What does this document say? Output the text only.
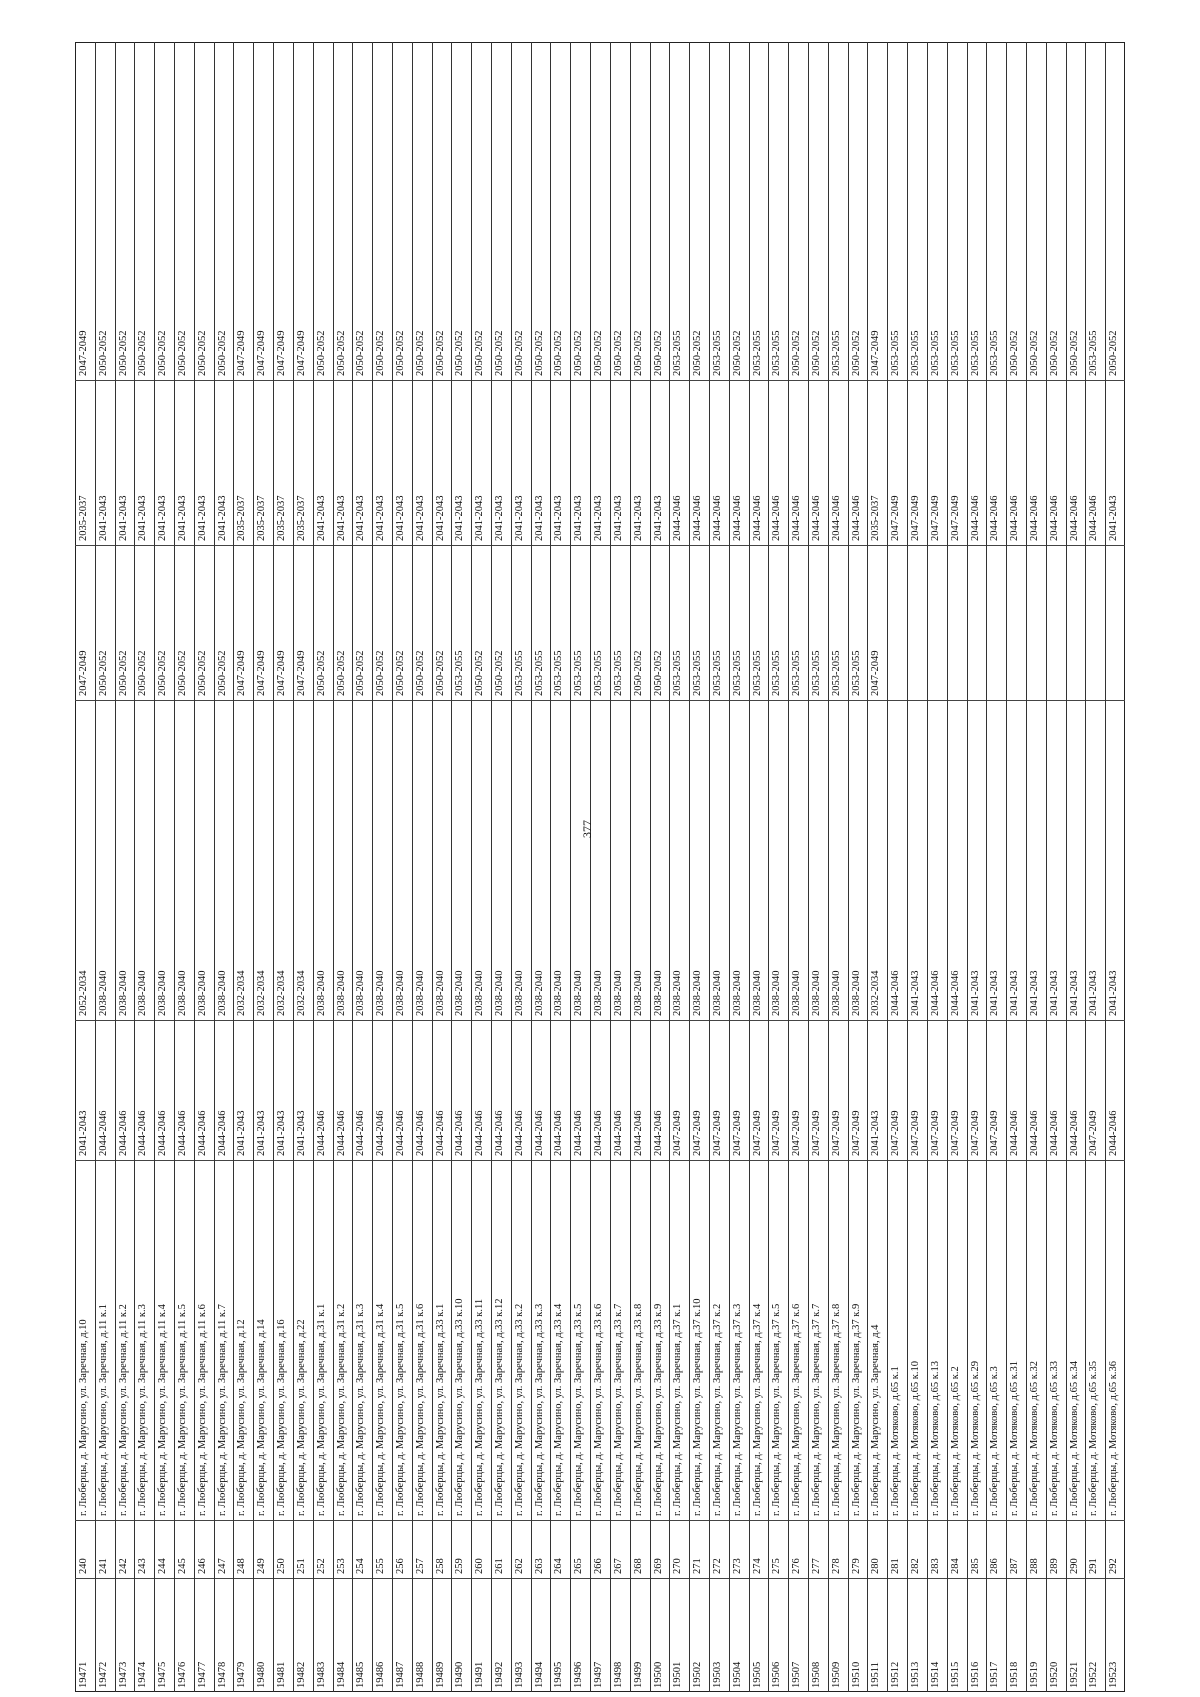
19471
240
г. Люберцы, д. Марусино, ул. Заречная, д.10
2041-2043
2052-2034
2047-2049
2035-2037
2047-2049
19472
241
г. Люберцы, д. Марусино, ул. Заречная, д.11 к.1
2044-2046
2038-2040
2050-2052
2041-2043
2050-2052
19473
242
г. Люберцы, д. Марусино, ул. Заречная, д.11 к.2
2044-2046
2038-2040
2050-2052
2041-2043
2050-2052
19474
243
г. Люберцы, д. Марусино, ул. Заречная, д.11 к.3
2044-2046
2038-2040
2050-2052
2041-2043
2050-2052
19475
244
г. Люберцы, д. Марусино, ул. Заречная, д.11 к.4
2044-2046
2038-2040
2050-2052
2041-2043
2050-2052
19476
245
г. Люберцы, д. Марусино, ул. Заречная, д.11 к.5
2044-2046
2038-2040
2050-2052
2041-2043
2050-2052
19477
246
г. Люберцы, д. Марусино, ул. Заречная, д.11 к.6
2044-2046
2038-2040
2050-2052
2041-2043
2050-2052
19478
247
г. Люберцы, д. Марусино, ул. Заречная, д.11 к.7
2044-2046
2038-2040
2050-2052
2041-2043
2050-2052
19479
248
г. Люберцы, д. Марусино, ул. Заречная, д.12
2041-2043
2032-2034
2047-2049
2035-2037
2047-2049
19480
249
г. Люберцы, д. Марусино, ул. Заречная, д.14
2041-2043
2032-2034
2047-2049
2035-2037
2047-2049
19481
250
г. Люберцы, д. Марусино, ул. Заречная, д.16
2041-2043
2032-2034
2047-2049
2035-2037
2047-2049
19482
251
г. Люберцы, д. Марусино, ул. Заречная, д.22
2041-2043
2032-2034
2047-2049
2035-2037
2047-2049
19483
252
г. Люберцы, д. Марусино, ул. Заречная, д.31 к.1
2044-2046
2038-2040
2050-2052
2041-2043
2050-2052
19484
253
г. Люберцы, д. Марусино, ул. Заречная, д.31 к.2
2044-2046
2038-2040
2050-2052
2041-2043
2050-2052
19485
254
г. Люберцы, д. Марусино, ул. Заречная, д.31 к.3
2044-2046
2038-2040
2050-2052
2041-2043
2050-2052
19486
255
г. Люберцы, д. Марусино, ул. Заречная, д.31 к.4
2044-2046
2038-2040
2050-2052
2041-2043
2050-2052
19487
256
г. Люберцы, д. Марусино, ул. Заречная, д.31 к.5
2044-2046
2038-2040
2050-2052
2041-2043
2050-2052
19488
257
г. Люберцы, д. Марусино, ул. Заречная, д.31 к.6
2044-2046
2038-2040
2050-2052
2041-2043
2050-2052
19489
258
г. Люберцы, д. Марусино, ул. Заречная, д.33 к.1
2044-2046
2038-2040
2050-2052
2041-2043
2050-2052
19490
259
г. Люберцы, д. Марусино, ул. Заречная, д.33 к.10
2044-2046
2038-2040
2053-2055
2041-2043
2050-2052
19491
260
г. Люберцы, д. Марусино, ул. Заречная, д.33 к.11
2044-2046
2038-2040
2050-2052
2041-2043
2050-2052
19492
261
г. Люберцы, д. Марусино, ул. Заречная, д.33 к.12
2044-2046
2038-2040
2050-2052
2041-2043
2050-2052
19493
262
г. Люберцы, д. Марусино, ул. Заречная, д.33 к.2
2044-2046
2038-2040
2053-2055
2041-2043
2050-2052
19494
263
г. Люберцы, д. Марусино, ул. Заречная, д.33 к.3
2044-2046
2038-2040
2053-2055
2041-2043
2050-2052
19495
264
г. Люберцы, д. Марусино, ул. Заречная, д.33 к.4
2044-2046
2038-2040
2053-2055
2041-2043
2050-2052
19496
265
г. Люберцы, д. Марусино, ул. Заречная, д.33 к.5
2044-2046
2038-2040
2053-2055
2041-2043
2050-2052
19497
266
г. Люберцы, д. Марусино, ул. Заречная, д.33 к.6
2044-2046
2038-2040
2053-2055
2041-2043
2050-2052
19498
267
г. Люберцы, д. Марусино, ул. Заречная, д.33 к.7
2044-2046
2038-2040
2053-2055
2041-2043
2050-2052
19499
268
г. Люберцы, д. Марусино, ул. Заречная, д.33 к.8
2044-2046
2038-2040
2050-2052
2041-2043
2050-2052
19500
269
г. Люберцы, д. Марусино, ул. Заречная, д.33 к.9
2044-2046
2038-2040
2050-2052
2041-2043
2050-2052
19501
270
г. Люберцы, д. Марусино, ул. Заречная, д.37 к.1
2047-2049
2038-2040
2053-2055
2044-2046
2053-2055
19502
271
г. Люберцы, д. Марусино, ул. Заречная, д.37 к.10
2047-2049
2038-2040
2053-2055
2044-2046
2050-2052
19503
272
г. Люберцы, д. Марусино, ул. Заречная, д.37 к.2
2047-2049
2038-2040
2053-2055
2044-2046
2053-2055
19504
273
г. Люберцы, д. Марусино, ул. Заречная, д.37 к.3
2047-2049
2038-2040
2053-2055
2044-2046
2050-2052
19505
274
г. Люберцы, д. Марусино, ул. Заречная, д.37 к.4
2047-2049
2038-2040
2053-2055
2044-2046
2053-2055
19506
275
г. Люберцы, д. Марусино, ул. Заречная, д.37 к.5
2047-2049
2038-2040
2053-2055
2044-2046
2053-2055
19507
276
г. Люберцы, д. Марусино, ул. Заречная, д.37 к.6
2047-2049
2038-2040
2053-2055
2044-2046
2050-2052
19508
277
г. Люберцы, д. Марусино, ул. Заречная, д.37 к.7
2047-2049
2038-2040
2053-2055
2044-2046
2050-2052
19509
278
г. Люберцы, д. Марусино, ул. Заречная, д.37 к.8
2047-2049
2038-2040
2053-2055
2044-2046
2053-2055
19510
279
г. Люберцы, д. Марусино, ул. Заречная, д.37 к.9
2047-2049
2038-2040
2053-2055
2044-2046
2050-2052
19511
280
г. Люберцы, д. Марусино, ул. Заречная, д.4
2041-2043
2032-2034
2047-2049
2035-2037
2047-2049
19512
281
г. Люберцы, д. Мотяково, д.65 к.1
2047-2049
2044-2046
2047-2049
2053-2055
19513
282
г. Люберцы, д. Мотяково, д.65 к.10
2047-2049
2041-2043
2047-2049
2053-2055
19514
283
г. Люберцы, д. Мотяково, д.65 к.13
2047-2049
2044-2046
2047-2049
2053-2055
19515
284
г. Люберцы, д. Мотяково, д.65 к.2
2047-2049
2044-2046
2047-2049
2053-2055
19516
285
г. Люберцы, д. Мотяково, д.65 к.29
2047-2049
2041-2043
2044-2046
2053-2055
19517
286
г. Люберцы, д. Мотяково, д.65 к.3
2047-2049
2041-2043
2044-2046
2053-2055
19518
287
г. Люберцы, д. Мотяково, д.65 к.31
2044-2046
2041-2043
2044-2046
2050-2052
19519
288
г. Люберцы, д. Мотяково, д.65 к.32
2044-2046
2041-2043
2044-2046
2050-2052
19520
289
г. Люберцы, д. Мотяково, д.65 к.33
2044-2046
2041-2043
2044-2046
2050-2052
19521
290
г. Люберцы, д. Мотяково, д.65 к.34
2044-2046
2041-2043
2044-2046
2050-2052
19522
291
г. Люберцы, д. Мотяково, д.65 к.35
2047-2049
2041-2043
2044-2046
2053-2055
19523
292
г. Люберцы, д. Мотяково, д.65 к.36
2044-2046
2041-2043
2041-2043
2050-2052
377
